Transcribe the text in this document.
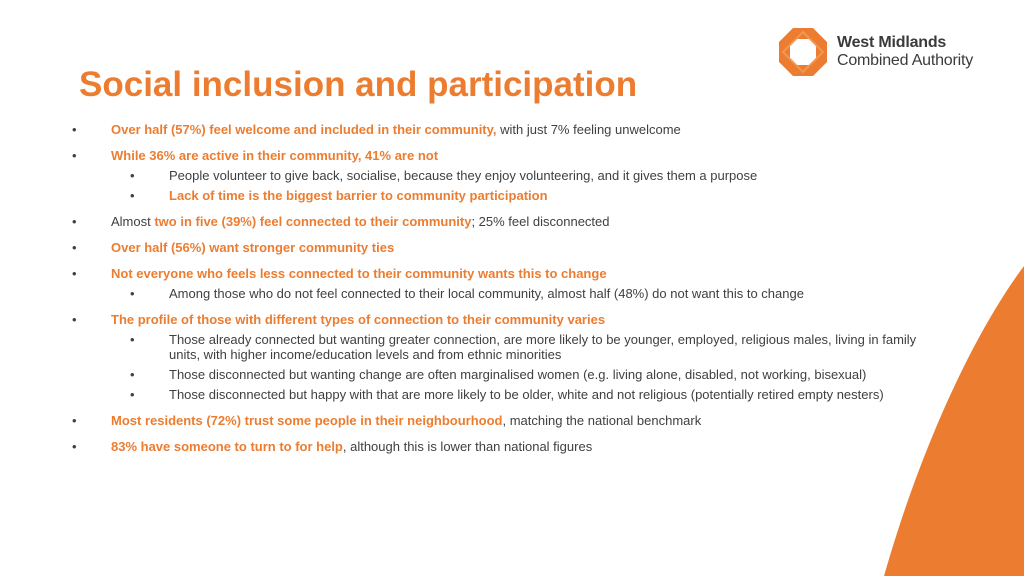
West Midlands
Combined Authority
Social inclusion and participation
•	Over half (57%) feel welcome and included in their community, with just 7% feeling unwelcome
•	While 36% are active in their community, 41% are not
•	People volunteer to give back, socialise, because they enjoy volunteering, and it gives them a purpose
•	Lack of time is the biggest barrier to community participation
•	Almost two in five (39%) feel connected to their community; 25% feel disconnected
•	Over half (56%) want stronger community ties
•	Not everyone who feels less connected to their community wants this to change
•	Among those who do not feel connected to their local community, almost half (48%) do not want this to change
•	The profile of those with different types of connection to their community varies
•	Those already connected but wanting greater connection, are more likely to be younger, employed, religious males, living in family units, with higher income/education levels and from ethnic minorities
•	Those disconnected but wanting change are often marginalised women (e.g. living alone, disabled, not working, bisexual)
•	Those disconnected but happy with that are more likely to be older, white and not religious (potentially retired empty nesters)
•	Most residents (72%) trust some people in their neighbourhood, matching the national benchmark
•	83% have someone to turn to for help, although this is lower than national figures
